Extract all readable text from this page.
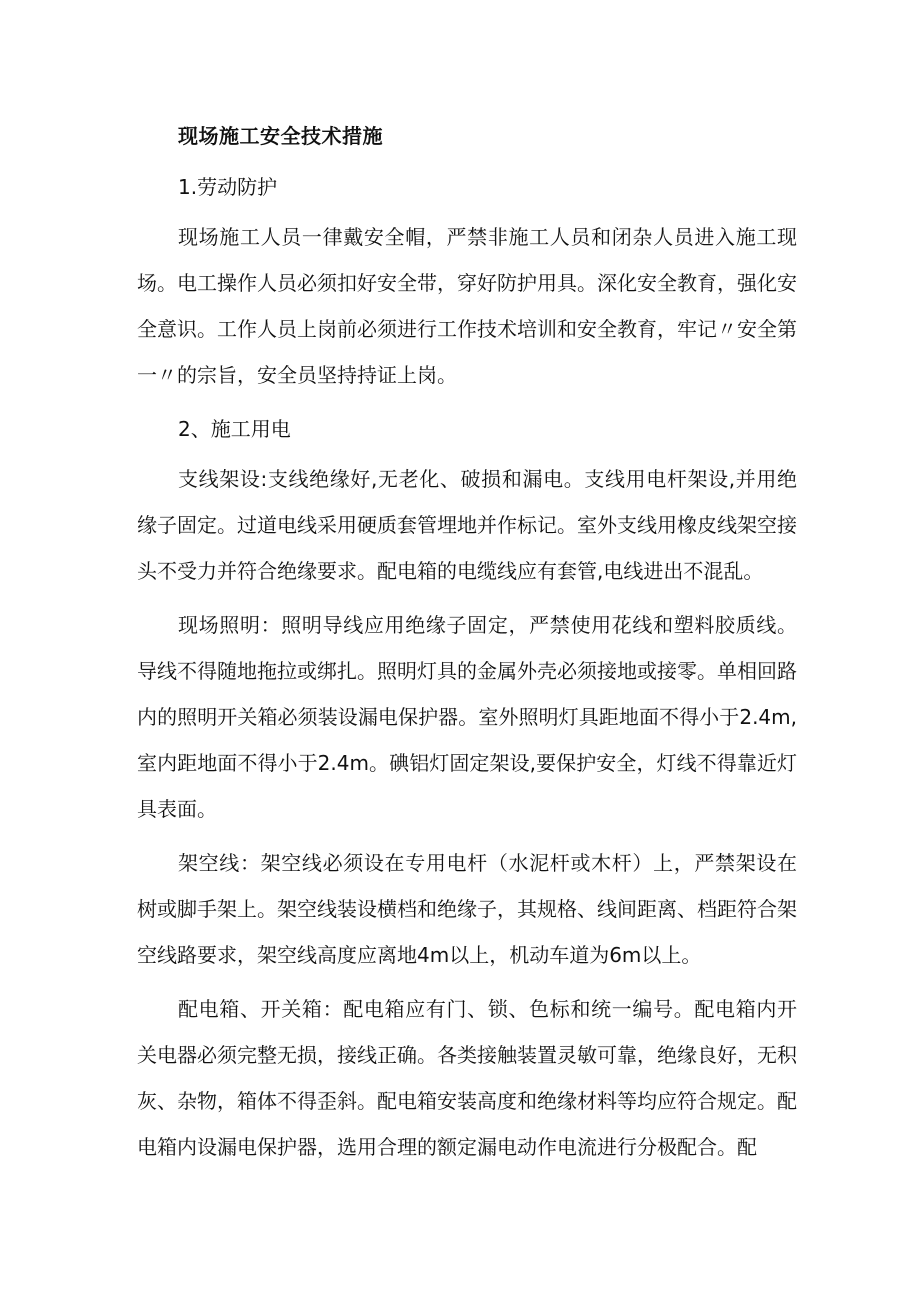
现场施工安全技术措施

1.劳动防护

现场施工人员一律戴安全帽，严禁非施工人员和闭杂人员进入施工现场。电工操作人员必须扣好安全带，穿好防护用具。深化安全教育，强化安全意识。工作人员上岗前必须进行工作技术培训和安全教育，牢记〃安全第一〃的宗旨，安全员坚持持证上岗。

2、施工用电

支线架设:支线绝缘好,无老化、破损和漏电。支线用电杆架设,并用绝缘子固定。过道电线采用硬质套管埋地并作标记。室外支线用橡皮线架空接头不受力并符合绝缘要求。配电箱的电缆线应有套管,电线进出不混乱。

现场照明：照明导线应用绝缘子固定，严禁使用花线和塑料胶质线。导线不得随地拖拉或绑扎。照明灯具的金属外壳必须接地或接零。单相回路内的照明开关箱必须装设漏电保护器。室外照明灯具距地面不得小于2.4m,室内距地面不得小于2.4m。碘铝灯固定架设,要保护安全，灯线不得靠近灯具表面。

架空线：架空线必须设在专用电杆（水泥杆或木杆）上，严禁架设在树或脚手架上。架空线装设横档和绝缘子，其规格、线间距离、档距符合架空线路要求，架空线高度应离地4m以上，机动车道为6m以上。

配电箱、开关箱：配电箱应有门、锁、色标和统一编号。配电箱内开关电器必须完整无损，接线正确。各类接触装置灵敏可靠，绝缘良好，无积灰、杂物，箱体不得歪斜。配电箱安装高度和绝缘材料等均应符合规定。配电箱内设漏电保护器，选用合理的额定漏电动作电流进行分极配合。配
